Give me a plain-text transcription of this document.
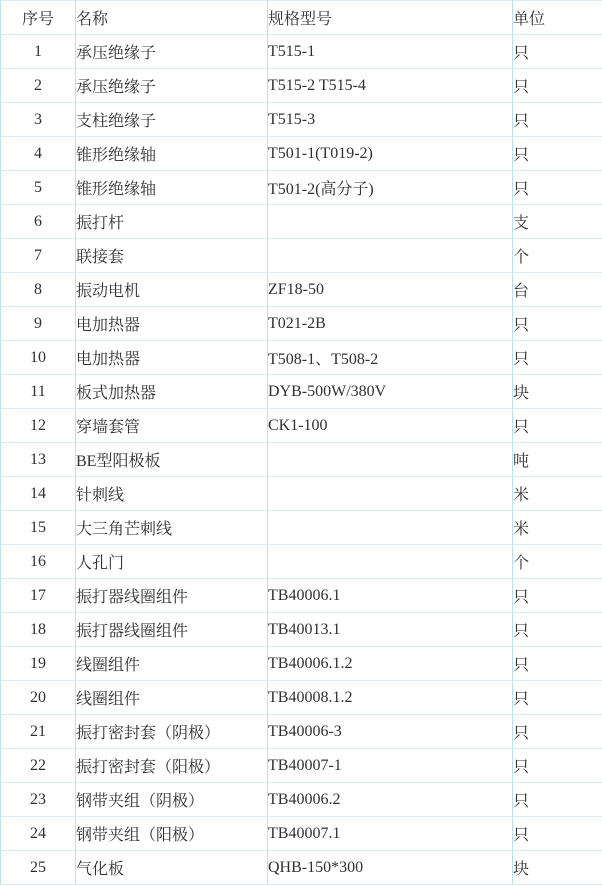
序号	名称	规格型号	单位
1	承压绝缘子	T515-1	只
2	承压绝缘子	T515-2 T515-4	只
3	支柱绝缘子	T515-3	只
4	锥形绝缘轴	T501-1(T019-2)	只
5	锥形绝缘轴	T501-2(高分子)	只
6	振打杆		支
7	联接套		个
8	振动电机	ZF18-50	台
9	电加热器	T021-2B	只
10	电加热器	T508-1、T508-2	只
11	板式加热器	DYB-500W/380V	块
12	穿墙套管	CK1-100	只
13	BE型阳极板		吨
14	针刺线		米
15	大三角芒刺线		米
16	人孔门		个
17	振打器线圈组件	TB40006.1	只
18	振打器线圈组件	TB40013.1	只
19	线圈组件	TB40006.1.2	只
20	线圈组件	TB40008.1.2	只
21	振打密封套（阴极）	TB40006-3	只
22	振打密封套（阳极）	TB40007-1	只
23	钢带夹组（阴极）	TB40006.2	只
24	钢带夹组（阳极）	TB40007.1	只
25	气化板	QHB-150*300	块
